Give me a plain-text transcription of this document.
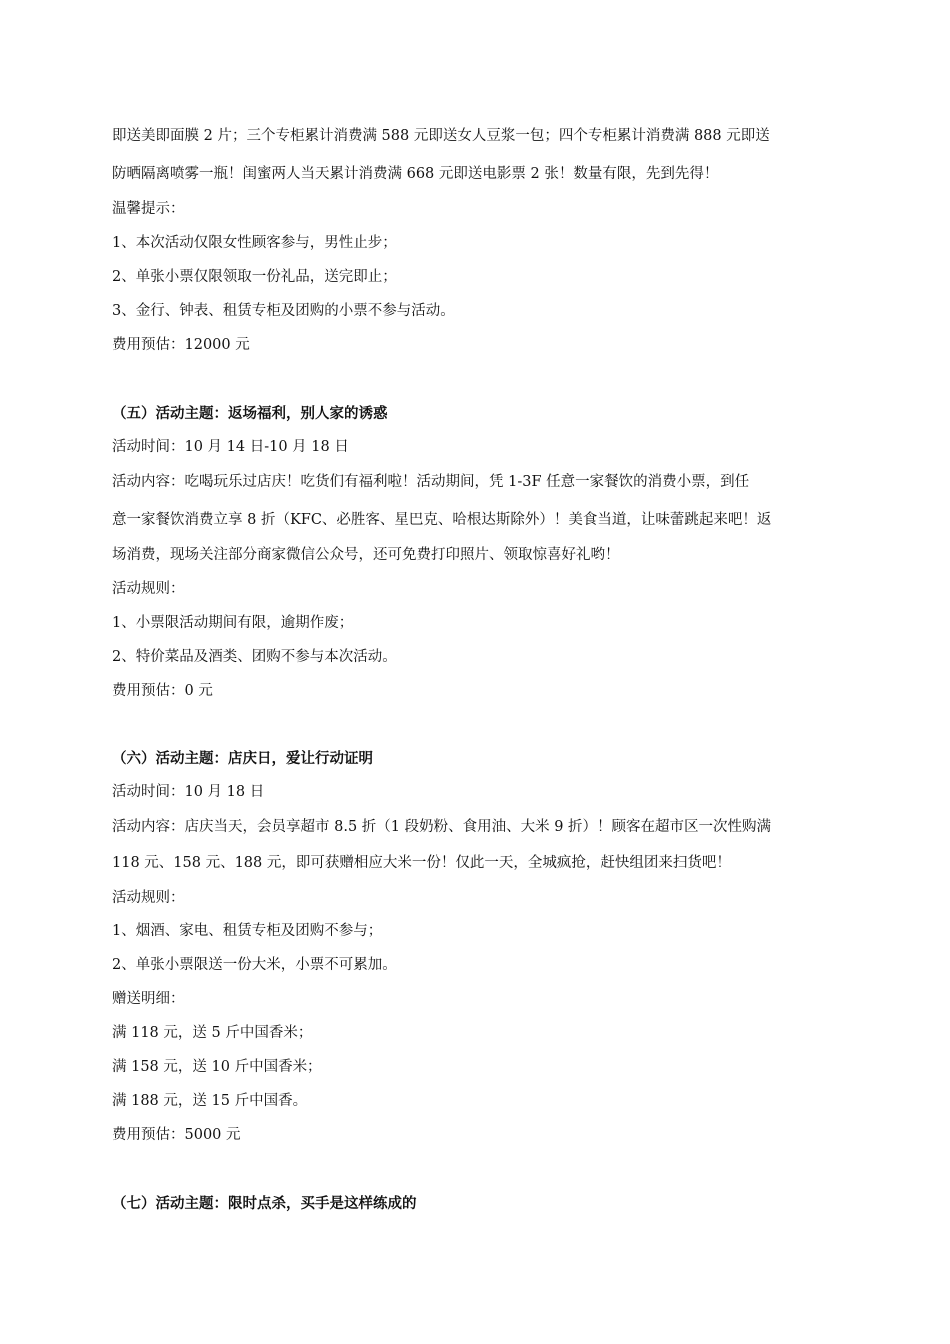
即送美即面膜 2 片；三个专柜累计消费满 588 元即送女人豆浆一包；四个专柜累计消费满 888 元即送
防晒隔离喷雾一瓶！闺蜜两人当天累计消费满 668 元即送电影票 2 张！数量有限，先到先得！
温馨提示：
1、本次活动仅限女性顾客参与，男性止步；
2、单张小票仅限领取一份礼品，送完即止；
3、金行、钟表、租赁专柜及团购的小票不参与活动。
费用预估：12000 元
（五）活动主题：返场福利，别人家的诱惑
活动时间：10 月 14 日-10 月 18 日
活动内容：吃喝玩乐过店庆！吃货们有福利啦！活动期间，凭 1-3F 任意一家餐饮的消费小票，到任
意一家餐饮消费立享 8 折（KFC、必胜客、星巴克、哈根达斯除外）！美食当道，让味蕾跳起来吧！返
场消费，现场关注部分商家微信公众号，还可免费打印照片、领取惊喜好礼哟！
活动规则：
1、小票限活动期间有限，逾期作废；
2、特价菜品及酒类、团购不参与本次活动。
费用预估：0 元
（六）活动主题：店庆日，爱让行动证明
活动时间：10 月 18 日
活动内容：店庆当天，会员享超市 8.5 折（1 段奶粉、食用油、大米 9 折）！顾客在超市区一次性购满
118 元、158 元、188 元，即可获赠相应大米一份！仅此一天，全城疯抢，赶快组团来扫货吧！
活动规则：
1、烟酒、家电、租赁专柜及团购不参与；
2、单张小票限送一份大米，小票不可累加。
赠送明细：
满 118 元，送 5 斤中国香米；
满 158 元，送 10 斤中国香米；
满 188 元，送 15 斤中国香。
费用预估：5000 元
（七）活动主题：限时点杀，买手是这样练成的
